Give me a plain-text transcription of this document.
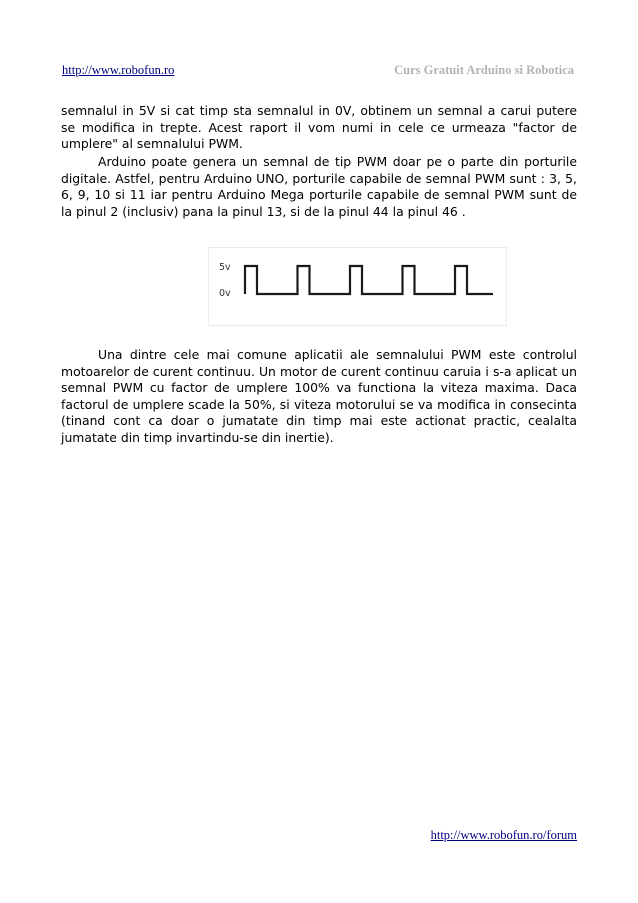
http://www.robofun.ro	Curs Gratuit Arduino si Robotica

semnalul in 5V si cat timp sta semnalul in 0V, obtinem un semnal a carui putere se modifica in trepte. Acest raport il vom numi in cele ce urmeaza "factor de umplere" al semnalului PWM.

Arduino poate genera un semnal de tip PWM doar pe o parte din porturile digitale. Astfel, pentru Arduino UNO, porturile capabile de semnal PWM sunt : 3, 5, 6, 9, 10 si 11 iar pentru Arduino Mega porturile capabile de semnal PWM sunt de la pinul 2 (inclusiv) pana la pinul 13, si de la pinul 44 la pinul 46 .

5v
0v

Una dintre cele mai comune aplicatii ale semnalului PWM este controlul motoarelor de curent continuu. Un motor de curent continuu caruia i s-a aplicat un semnal PWM cu factor de umplere 100% va functiona la viteza maxima. Daca factorul de umplere scade la 50%, si viteza motorului se va modifica in consecinta (tinand cont ca doar o jumatate din timp mai este actionat practic, cealalta jumatate din timp invartindu-se din inertie).

http://www.robofun.ro/forum
